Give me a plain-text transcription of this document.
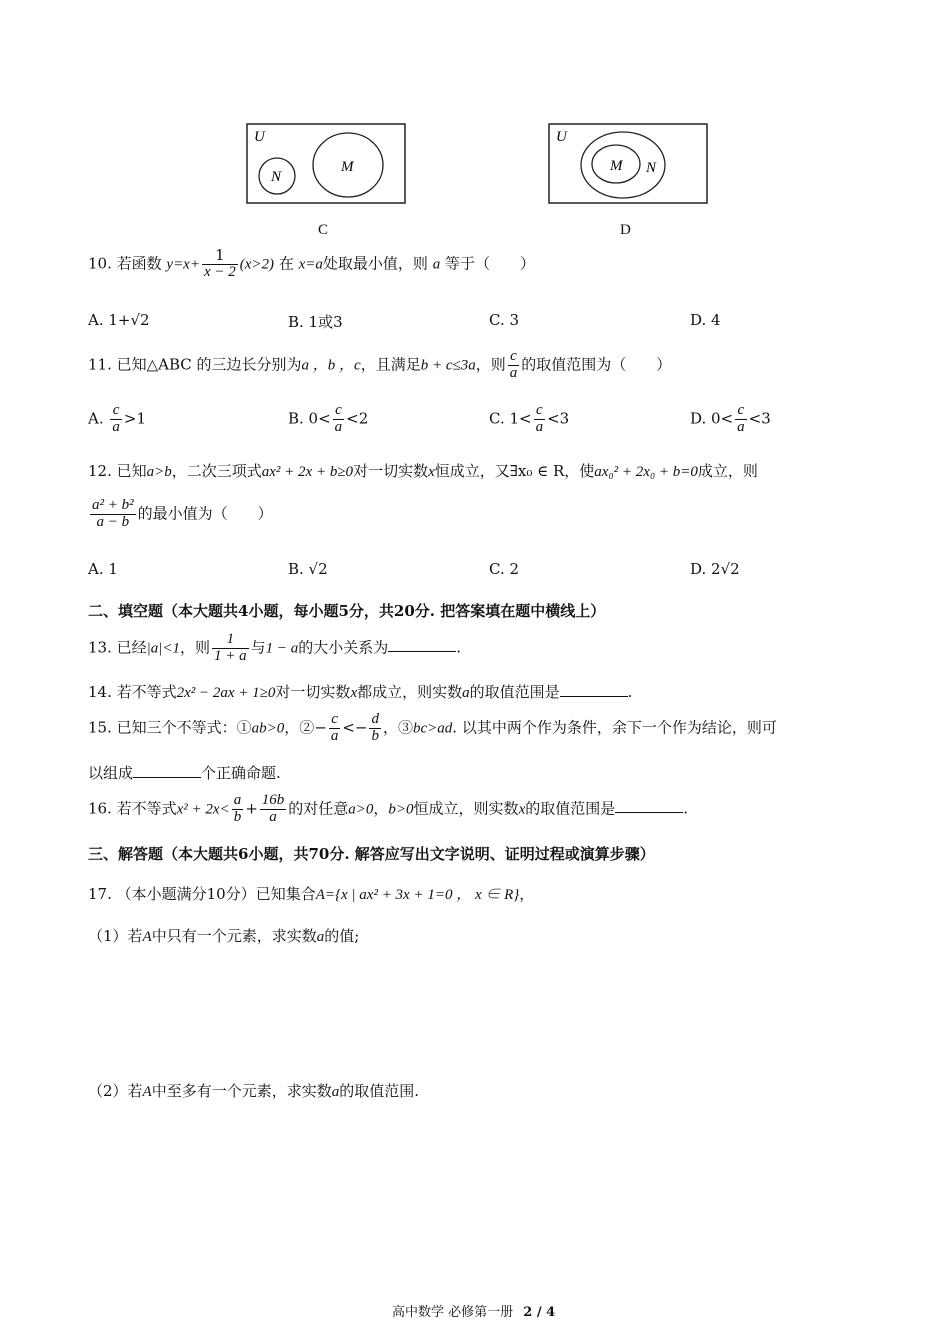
U
N
M
C
U
M N
D
10. 若函数 $y=x+ \frac{1}{x - 2} (x>2)$ 在 x=a处取最小值，则 a 等于（　　）
A. 1+√2	B. 1或3	C. 3	D. 4
11. 已知△ABC 的三边长分别为a ，b ，c，且满足b + c≤3a，则 $\frac{c}{a}$ 的取值范围为（　　）
A. $\frac{c}{a} >1$	B. $0< \frac{c}{a} <2$	C. $1< \frac{c}{a} <3$	D. $0< \frac{c}{a} <3$
12. 已知a>b，二次三项式ax² + 2x + b≥0对一切实数x恒成立，又∃x₀ ∈ R，使ax₀² + 2x₀ + b=0成立，则
$\frac{\text{a² + b²}}{a - b}$ 的最小值为（　　）
A. 1	B. √2	C. 2	D. 2√2
二、填空题（本大题共4小题，每小题5分，共20分. 把答案填在题中横线上）
13. 已经|a|<1，则 $\frac{1}{1 + a}$ 与1 − a的大小关系为	.
14. 若不等式2x² − 2ax + 1≥0对一切实数x都成立，则实数a的取值范围是	.
15. 已知三个不等式：①ab>0，②− $\frac{c}{a} <- \frac{d}{b}$ ，③bc>ad. 以其中两个作为条件，余下一个作为结论，则可
以组成	个正确命题.
16. 若不等式$x^2 + 2x< \frac{a}{b} + \frac{16b}{a}$ 的对任意a>0，b>0恒成立，则实数x的取值范围是	.
三、解答题（本大题共6小题，共70分. 解答应写出文字说明、证明过程或演算步骤）
17. （本小题满分10分）已知集合A={x | ax² + 3x + 1=0 ， x ∈ R}，
（1）若A中只有一个元素，求实数a的值;
（2）若A中至多有一个元素，求实数a的取值范围.
高中数学 必修第一册 2 / 4
